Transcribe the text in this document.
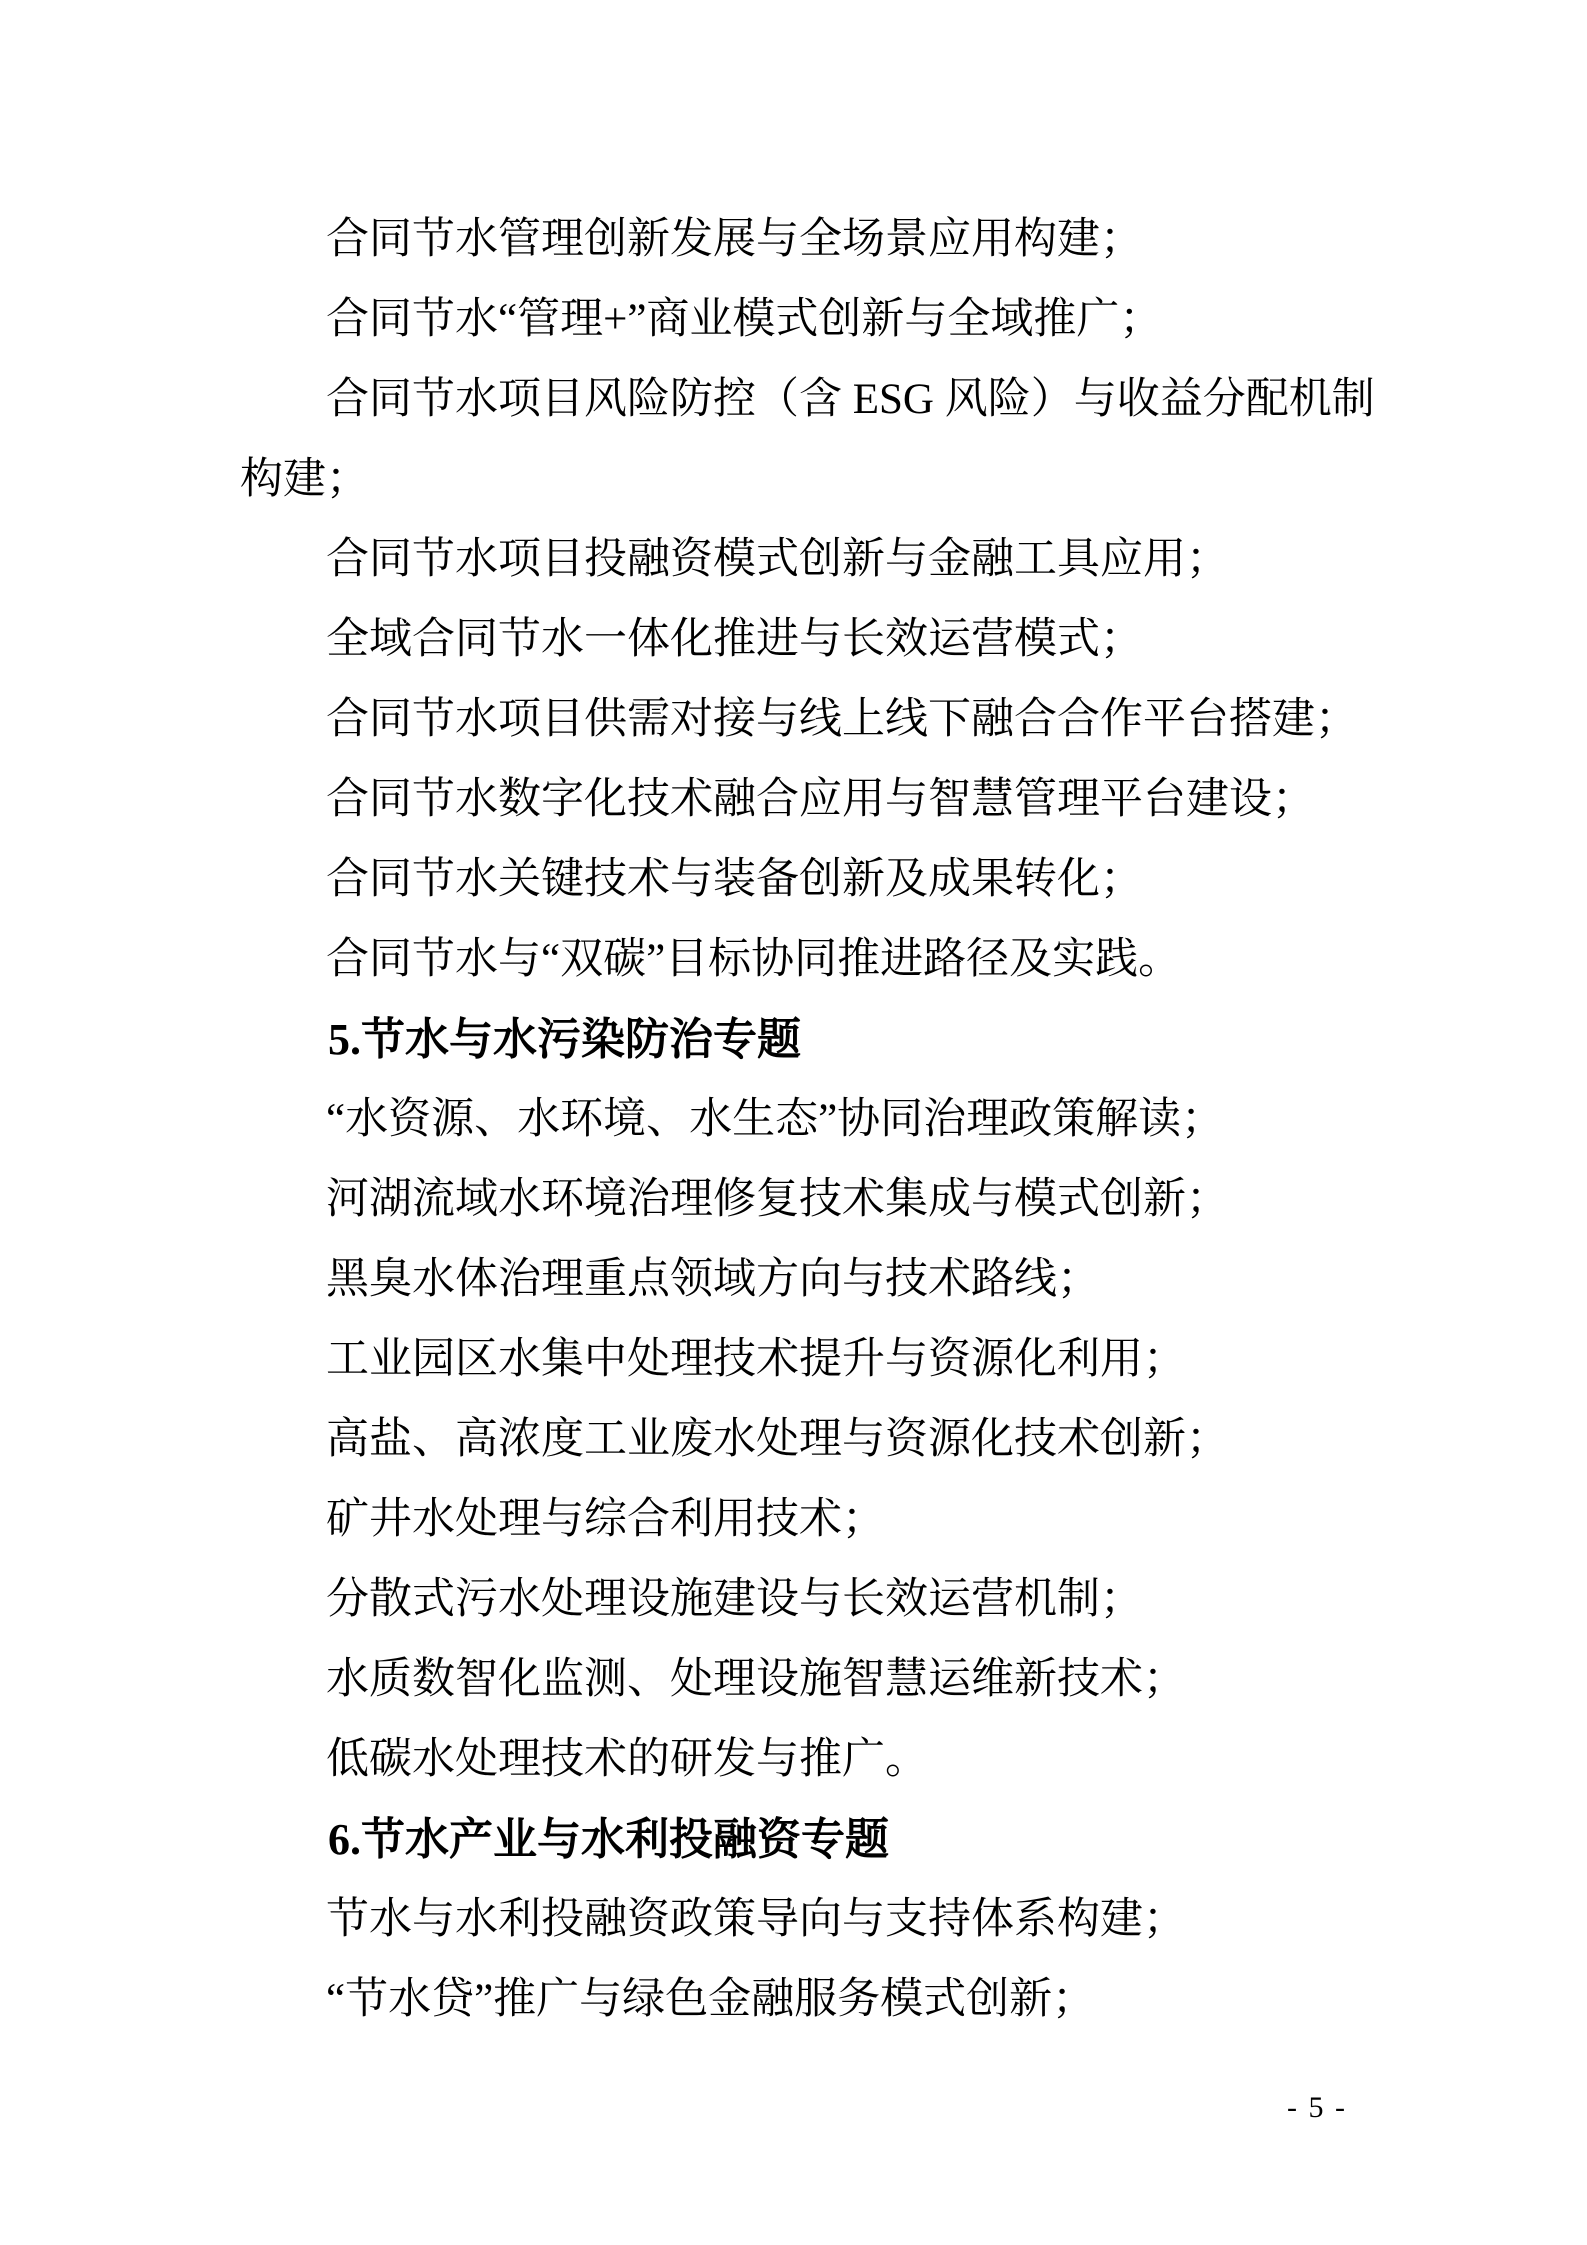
合同节水管理创新发展与全场景应用构建；

合同节水“管理+”商业模式创新与全域推广；

合同节水项目风险防控（含 ESG 风险）与收益分配机制构建；

合同节水项目投融资模式创新与金融工具应用；

全域合同节水一体化推进与长效运营模式；

合同节水项目供需对接与线上线下融合合作平台搭建；

合同节水数字化技术融合应用与智慧管理平台建设；

合同节水关键技术与装备创新及成果转化；

合同节水与“双碳”目标协同推进路径及实践。

5.节水与水污染防治专题

“水资源、水环境、水生态”协同治理政策解读；

河湖流域水环境治理修复技术集成与模式创新；

黑臭水体治理重点领域方向与技术路线；

工业园区水集中处理技术提升与资源化利用；

高盐、高浓度工业废水处理与资源化技术创新；

矿井水处理与综合利用技术；

分散式污水处理设施建设与长效运营机制；

水质数智化监测、处理设施智慧运维新技术；

低碳水处理技术的研发与推广。

6.节水产业与水利投融资专题

节水与水利投融资政策导向与支持体系构建；

“节水贷”推广与绿色金融服务模式创新；

- 5 -
